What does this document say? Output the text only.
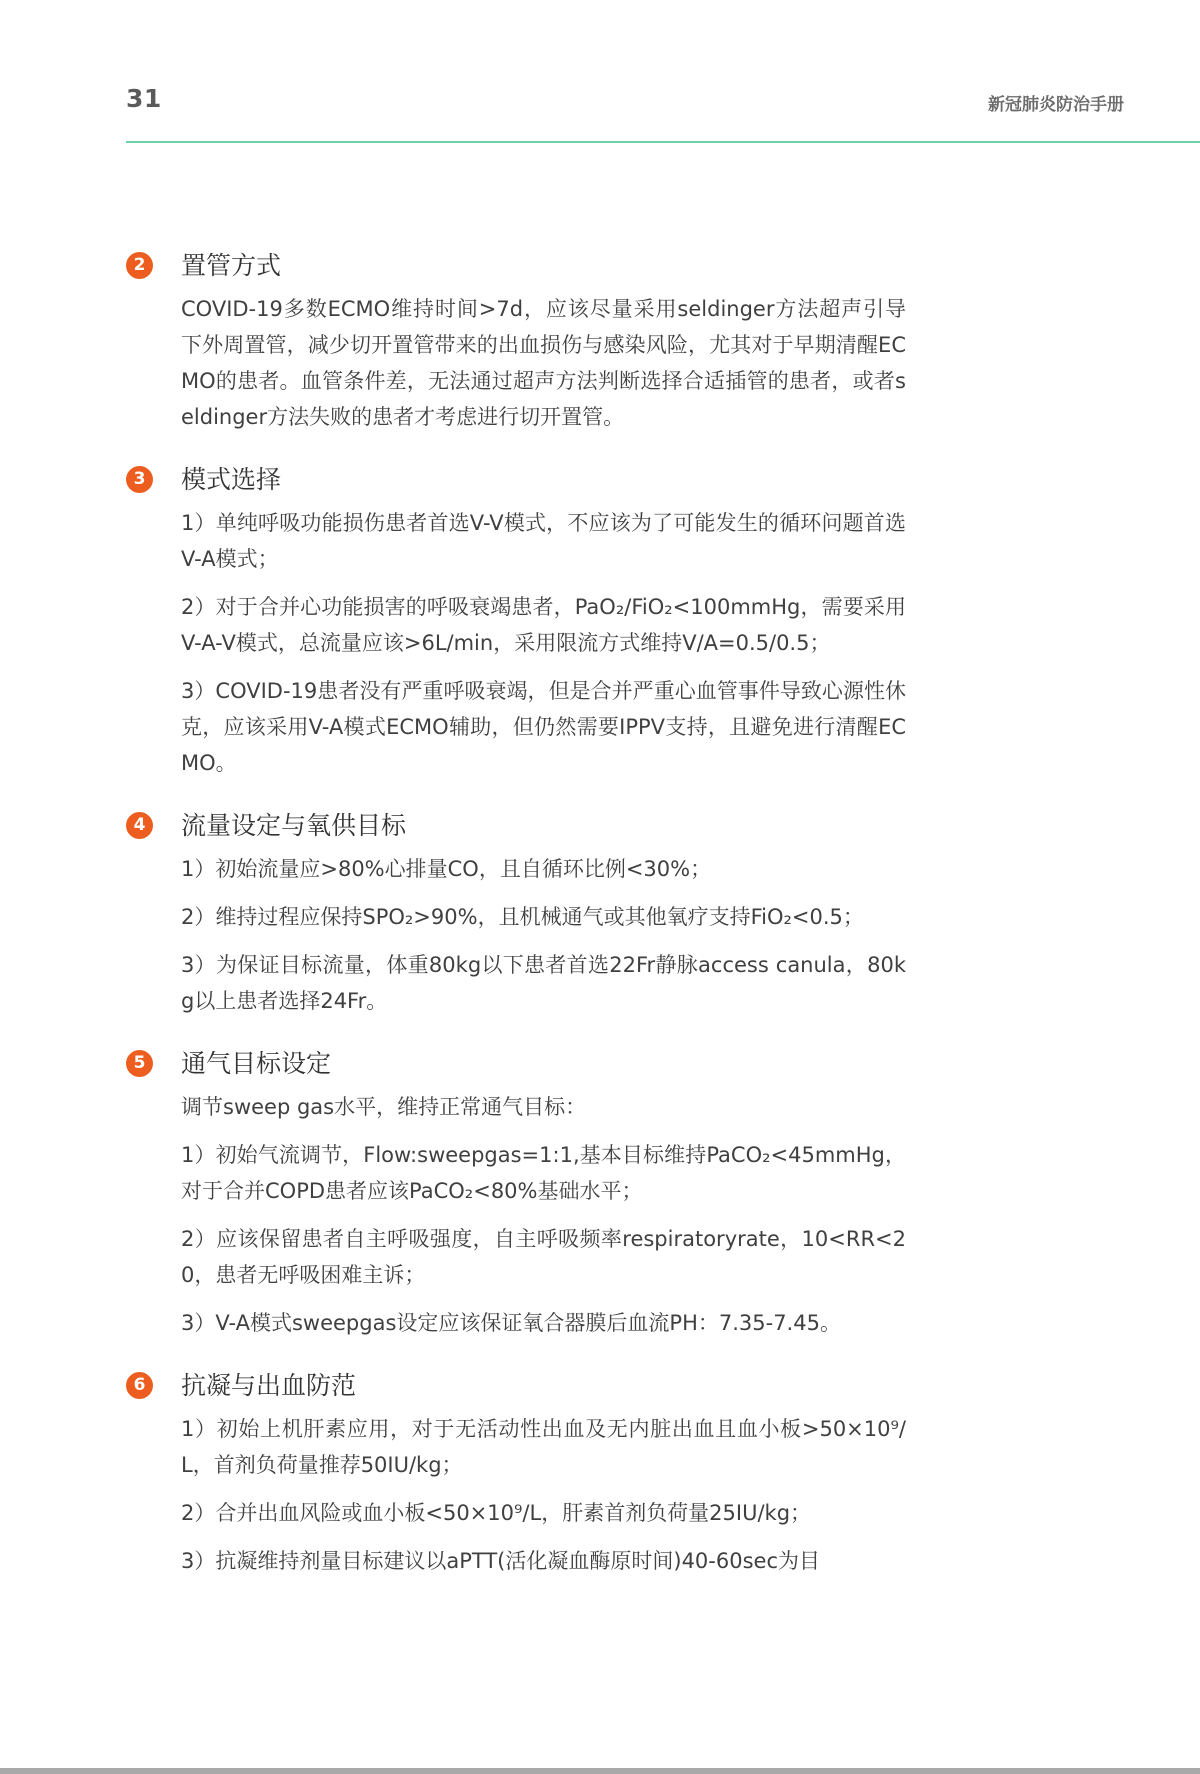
31	新冠肺炎防治手册
2	置管方式

COVID-19多数ECMO维持时间>7d，应该尽量采用seldinger方法超声引导下外周置管，减少切开置管带来的出血损伤与感染风险，尤其对于早期清醒ECMO的患者。血管条件差，无法通过超声方法判断选择合适插管的患者，或者seldinger方法失败的患者才考虑进行切开置管。

3	模式选择

1）单纯呼吸功能损伤患者首选V-V模式，不应该为了可能发生的循环问题首选V-A模式；

2）对于合并心功能损害的呼吸衰竭患者，PaO₂/FiO₂<100mmHg，需要采用V-A-V模式，总流量应该>6L/min，采用限流方式维持V/A=0.5/0.5；

3）COVID-19患者没有严重呼吸衰竭，但是合并严重心血管事件导致心源性休克，应该采用V-A模式ECMO辅助，但仍然需要IPPV支持，且避免进行清醒ECMO。

4	流量设定与氧供目标

1）初始流量应>80%心排量CO，且自循环比例<30%；

2）维持过程应保持SPO₂>90%，且机械通气或其他氧疗支持FiO₂<0.5；

3）为保证目标流量，体重80kg以下患者首选22Fr静脉access canula，80kg以上患者选择24Fr。

5	通气目标设定

调节sweep gas水平，维持正常通气目标：

1）初始气流调节，Flow:sweepgas=1:1,基本目标维持PaCO₂<45mmHg，对于合并COPD患者应该PaCO₂<80%基础水平；

2）应该保留患者自主呼吸强度，自主呼吸频率respiratoryrate，10<RR<20，患者无呼吸困难主诉；

3）V-A模式sweepgas设定应该保证氧合器膜后血流PH：7.35-7.45。

6	抗凝与出血防范

1）初始上机肝素应用，对于无活动性出血及无内脏出血且血小板>50×10⁹/L，首剂负荷量推荐50IU/kg；

2）合并出血风险或血小板<50×10⁹/L，肝素首剂负荷量25IU/kg；

3）抗凝维持剂量目标建议以aPTT(活化凝血酶原时间)40-60sec为目
